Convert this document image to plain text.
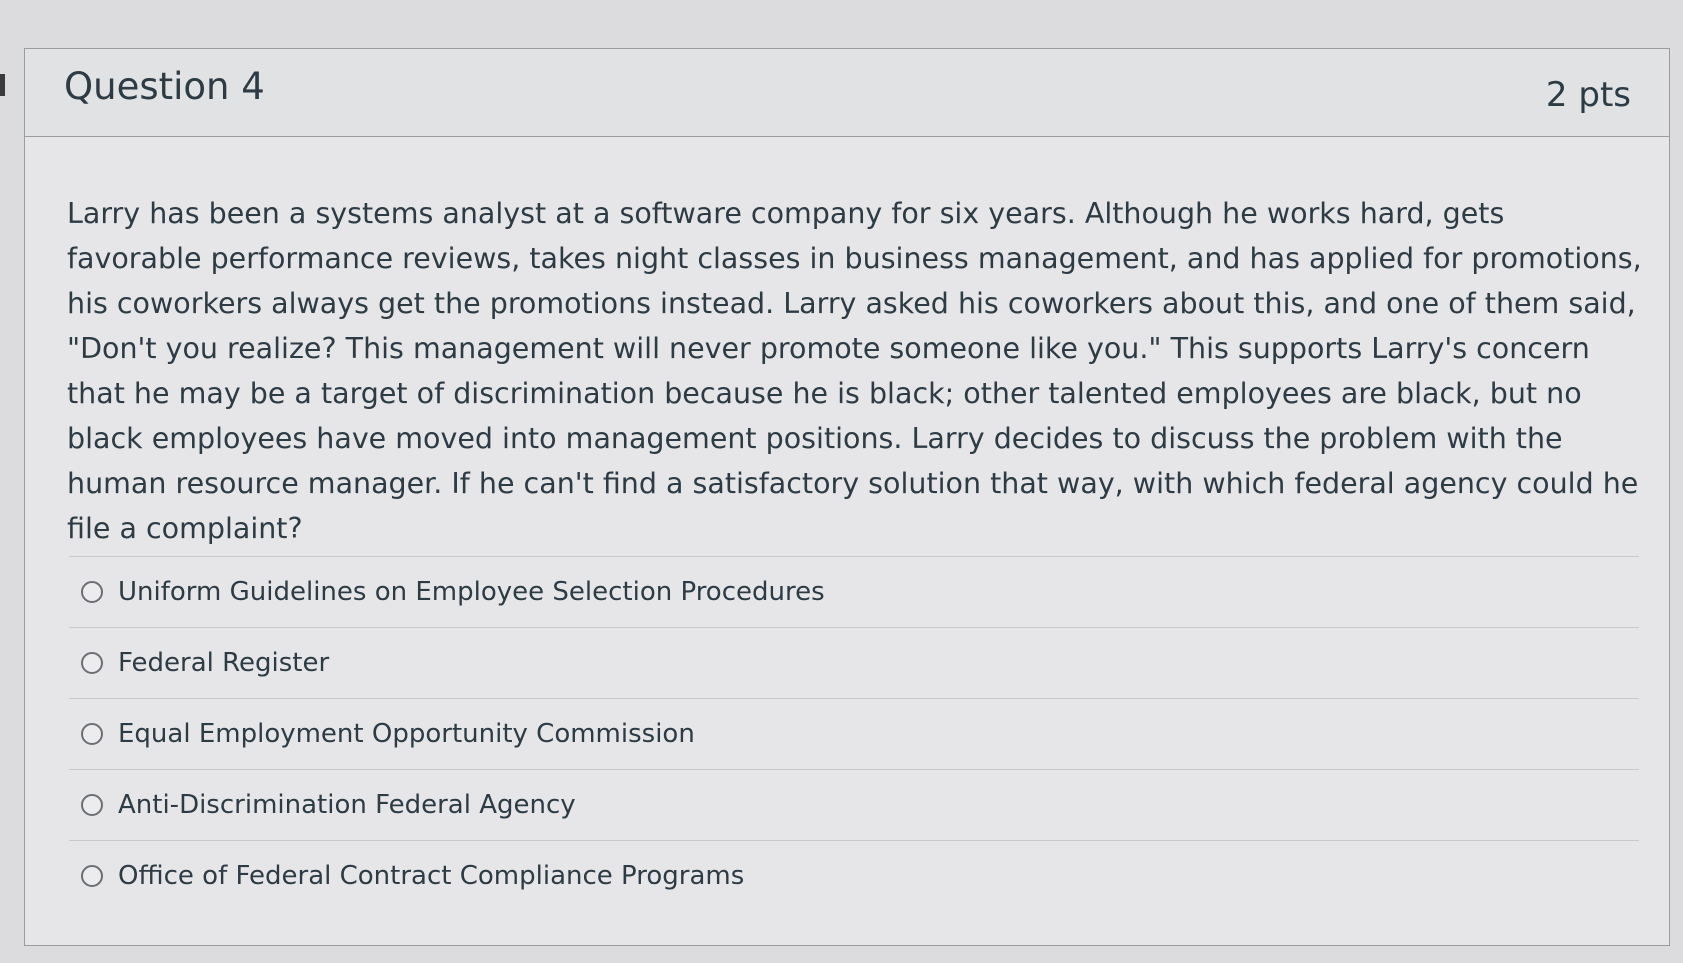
Question 4	2 pts

Larry has been a systems analyst at a software company for six years. Although he works hard, gets favorable performance reviews, takes night classes in business management, and has applied for promotions, his coworkers always get the promotions instead. Larry asked his coworkers about this, and one of them said, "Don't you realize? This management will never promote someone like you." This supports Larry's concern that he may be a target of discrimination because he is black; other talented employees are black, but no black employees have moved into management positions. Larry decides to discuss the problem with the human resource manager. If he can't find a satisfactory solution that way, with which federal agency could he file a complaint?

Uniform Guidelines on Employee Selection Procedures
Federal Register
Equal Employment Opportunity Commission
Anti-Discrimination Federal Agency
Office of Federal Contract Compliance Programs
